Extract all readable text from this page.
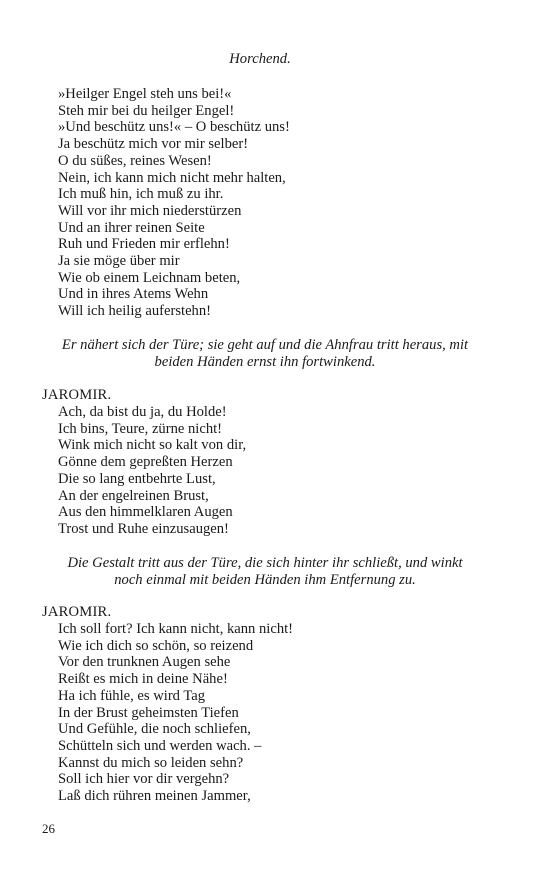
Horchend.
»Heilger Engel steh uns bei!«
Steh mir bei du heilger Engel!
»Und beschütz uns!« – O beschütz uns!
Ja beschütz mich vor mir selber!
O du süßes, reines Wesen!
Nein, ich kann mich nicht mehr halten,
Ich muß hin, ich muß zu ihr.
Will vor ihr mich niederstürzen
Und an ihrer reinen Seite
Ruh und Frieden mir erflehn!
Ja sie möge über mir
Wie ob einem Leichnam beten,
Und in ihres Atems Wehn
Will ich heilig auferstehn!
Er nähert sich der Türe; sie geht auf und die Ahnfrau tritt heraus, mit
beiden Händen ernst ihn fortwinkend.
JAROMIR.
Ach, da bist du ja, du Holde!
Ich bins, Teure, zürne nicht!
Wink mich nicht so kalt von dir,
Gönne dem gepreßten Herzen
Die so lang entbehrte Lust,
An der engelreinen Brust,
Aus den himmelklaren Augen
Trost und Ruhe einzusaugen!
Die Gestalt tritt aus der Türe, die sich hinter ihr schließt, und winkt
noch einmal mit beiden Händen ihm Entfernung zu.
JAROMIR.
Ich soll fort? Ich kann nicht, kann nicht!
Wie ich dich so schön, so reizend
Vor den trunknen Augen sehe
Reißt es mich in deine Nähe!
Ha ich fühle, es wird Tag
In der Brust geheimsten Tiefen
Und Gefühle, die noch schliefen,
Schütteln sich und werden wach. –
Kannst du mich so leiden sehn?
Soll ich hier vor dir vergehn?
Laß dich rühren meinen Jammer,
26
